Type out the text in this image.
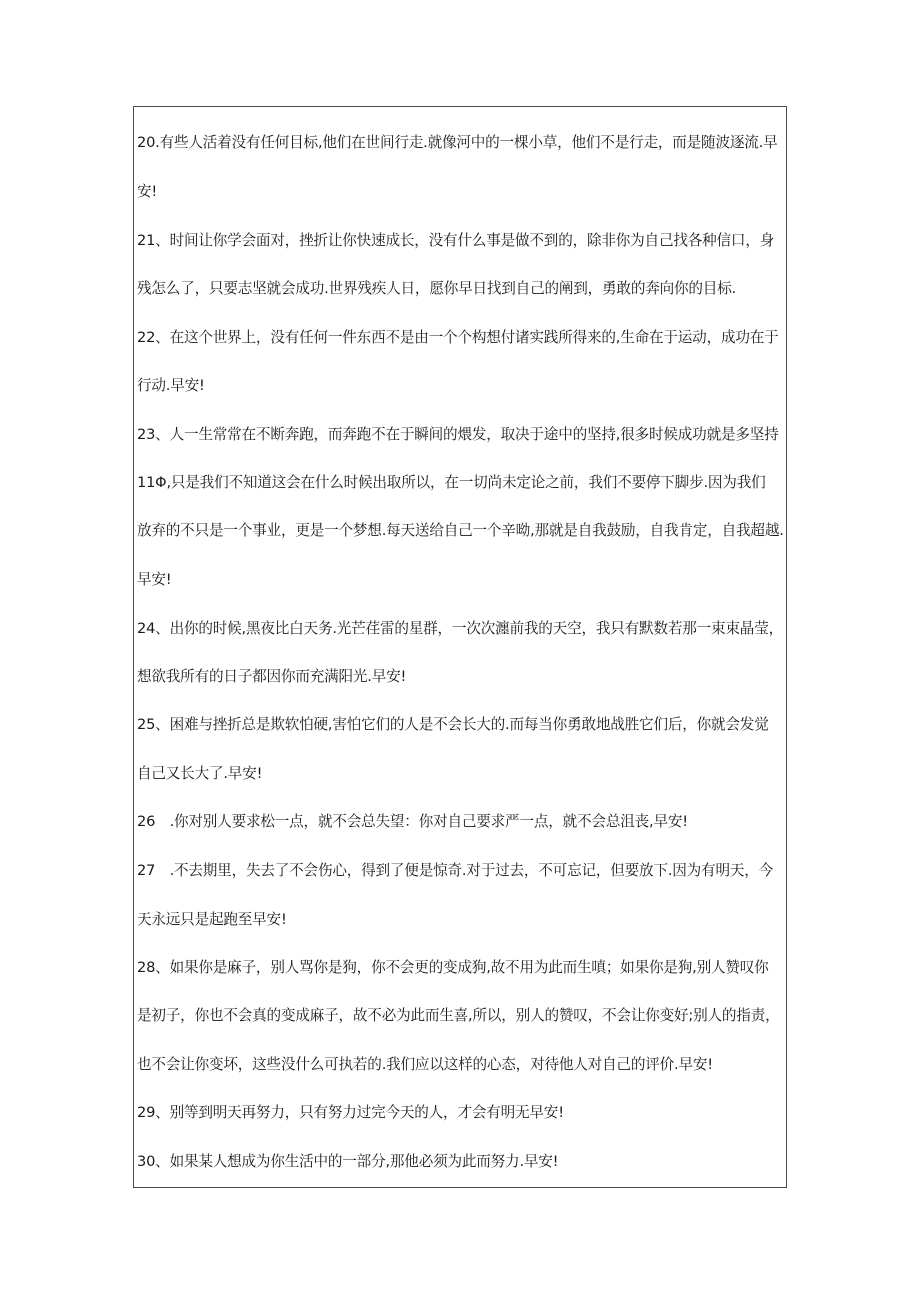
20.有些人活着没有任何目标,他们在世间行走.就像河中的一棵小草，他们不是行走，而是随波逐流.早
安!
21、时间让你学会面对，挫折让你快速成长，没有什么事是做不到的，除非你为自己找各种信口，身
残怎么了，只要志坚就会成功.世界残疾人日，愿你早日找到自己的阐到，勇敢的奔向你的目标.
22、在这个世界上，没有任何一件东西不是由一个个构想付诸实践所得来的,生命在于运动，成功在于
行动.早安!
23、人一生常常在不断奔跑，而奔跑不在于瞬间的煨发，取决于途中的坚持,很多时候成功就是多坚持
11Φ,只是我们不知道这会在什么时候出取所以，在一切尚未定论之前，我们不要停下脚步.因为我们
放弃的不只是一个事业，更是一个梦想.每天送给自己一个辛呦,那就是自我鼓励，自我肯定，自我超越.
早安!
24、出你的时候,黑夜比白天务.光芒荏雷的星群，一次次瀍前我的天空，我只有默数若那一束束晶莹，
想欲我所有的日子都因你而充满阳光.早安!
25、困难与挫折总是欺软怕硬,害怕它们的人是不会长大的.而每当你勇敢地战胜它们后，你就会发觉
自己又长大了.早安!
26　.你对别人要求松一点，就不会总失望：你对自己要求严一点，就不会总沮丧,早安!
27　.不去期里，失去了不会伤心，得到了便是惊奇.对于过去，不可忘记，但要放下.因为有明天，今
天永远只是起跑至早安!
28、如果你是麻子，别人骂你是狗，你不会更的变成狗,故不用为此而生嗔；如果你是狗,别人赞叹你
是初子，你也不会真的变成麻子，故不必为此而生喜,所以，别人的赞叹，不会让你变好;别人的指责，
也不会让你变坏，这些没什么可执若的.我们应以这样的心态，对待他人对自己的评价.早安!
29、别等到明天再努力，只有努力过完今天的人，才会有明无早安!
30、如果某人想成为你生活中的一部分,那他必须为此而努力.早安!
